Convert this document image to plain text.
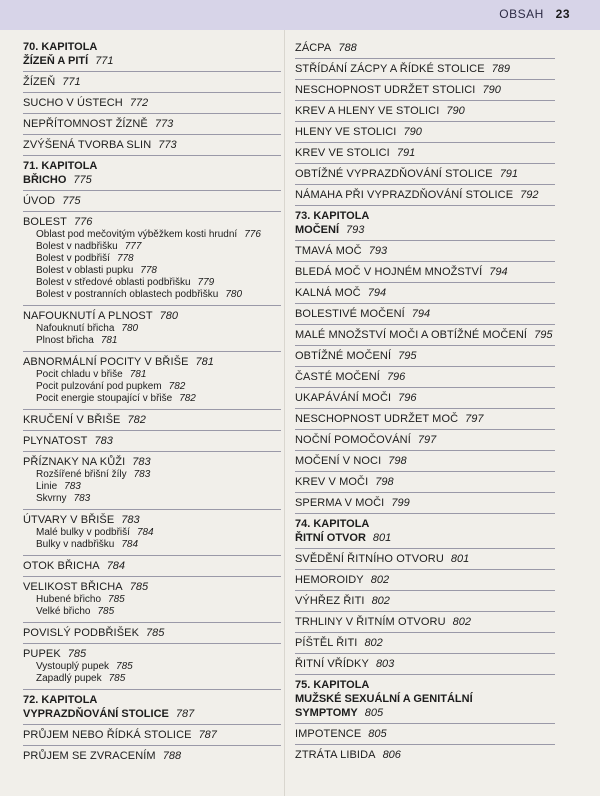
OBSAH 23
70. KAPITOLA
ŽÍZEŇ A PITÍ 771
ŽÍZEŇ 771
SUCHO V ÚSTECH 772
NEPŘÍTOMNOST ŽÍZNĚ 773
ZVÝŠENÁ TVORBA SLIN 773
71. KAPITOLA
BŘICHO 775
ÚVOD 775
BOLEST 776
Oblast pod mečovitým výběžkem kosti hrudní 776
Bolest v nadbřišku 777
Bolest v podbřiší 778
Bolest v oblasti pupku 778
Bolest v středové oblasti podbřišku 779
Bolest v postranních oblastech podbřišku 780
NAFOUKNUTÍ A PLNOST 780
Nafouknutí břicha 780
Plnost břicha 781
ABNORMÁLNÍ POCITY V BŘIŠE 781
Pocit chladu v břiše 781
Pocit pulzování pod pupkem 782
Pocit energie stoupající v břiše 782
KRUČENÍ V BŘIŠE 782
PLYNATOST 783
PŘÍZNAKY NA KŮŽI 783
Rozšířené břišní žíly 783
Linie 783
Skvrny 783
ÚTVARY V BŘIŠE 783
Malé bulky v podbřiší 784
Bulky v nadbřišku 784
OTOK BŘICHA 784
VELIKOST BŘICHA 785
Hubené břicho 785
Velké břicho 785
POVISLÝ PODBŘIŠEK 785
PUPEK 785
Vystouplý pupek 785
Zapadlý pupek 785
72. KAPITOLA
VYPRAZDŇOVÁNÍ STOLICE 787
PRŮJEM NEBO ŘÍDKÁ STOLICE 787
PRŮJEM SE ZVRACENÍM 788
ZÁCPA 788
STŘÍDÁNÍ ZÁCPY A ŘÍDKÉ STOLICE 789
NESCHOPNOST UDRŽET STOLICI 790
KREV A HLENY VE STOLICI 790
HLENY VE STOLICI 790
KREV VE STOLICI 791
OBTÍŽNÉ VYPRAZDŇOVÁNÍ STOLICE 791
NÁMAHA PŘI VYPRAZDŇOVÁNÍ STOLICE 792
73. KAPITOLA
MOČENÍ 793
TMAVÁ MOČ 793
BLEDÁ MOČ V HOJNÉM MNOŽSTVÍ 794
KALNÁ MOČ 794
BOLESTIVÉ MOČENÍ 794
MALÉ MNOŽSTVÍ MOČI A OBTÍŽNÉ MOČENÍ 795
OBTÍŽNÉ MOČENÍ 795
ČASTÉ MOČENÍ 796
UKAPÁVÁNÍ MOČI 796
NESCHOPNOST UDRŽET MOČ 797
NOČNÍ POMOČOVÁNÍ 797
MOČENÍ V NOCI 798
KREV V MOČI 798
SPERMA V MOČI 799
74. KAPITOLA
ŘITNÍ OTVOR 801
SVĚDĚNÍ ŘITNÍHO OTVORU 801
HEMOROIDY 802
VÝHŘEZ ŘITI 802
TRHLINY V ŘITNÍM OTVORU 802
PÍŠTĚL ŘITI 802
ŘITNÍ VŘÍDKY 803
75. KAPITOLA
MUŽSKÉ SEXUÁLNÍ A GENITÁLNÍ SYMPTOMY 805
IMPOTENCE 805
ZTRÁTA LIBIDA 806
